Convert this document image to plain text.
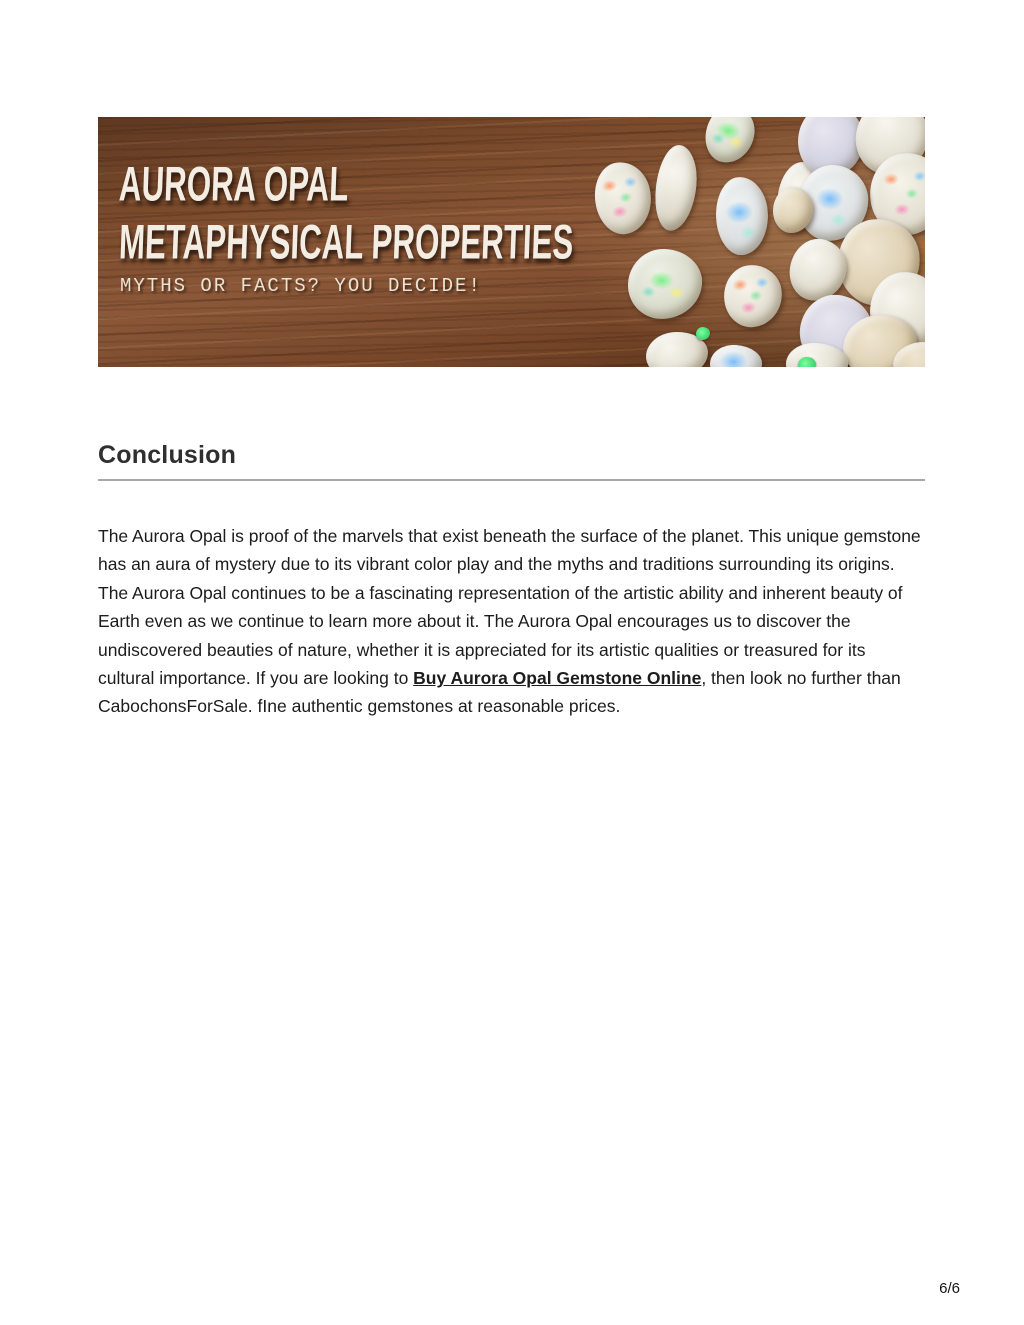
AURORA OPAL
METAPHYSICAL PROPERTIES
MYTHS OR FACTS? YOU DECIDE!
Conclusion

The Aurora Opal is proof of the marvels that exist beneath the surface of the planet. This unique gemstone has an aura of mystery due to its vibrant color play and the myths and traditions surrounding its origins. The Aurora Opal continues to be a fascinating representation of the artistic ability and inherent beauty of Earth even as we continue to learn more about it. The Aurora Opal encourages us to discover the undiscovered beauties of nature, whether it is appreciated for its artistic qualities or treasured for its cultural importance. If you are looking to Buy Aurora Opal Gemstone Online, then look no further than CabochonsForSale. fIne authentic gemstones at reasonable prices.

6/6
